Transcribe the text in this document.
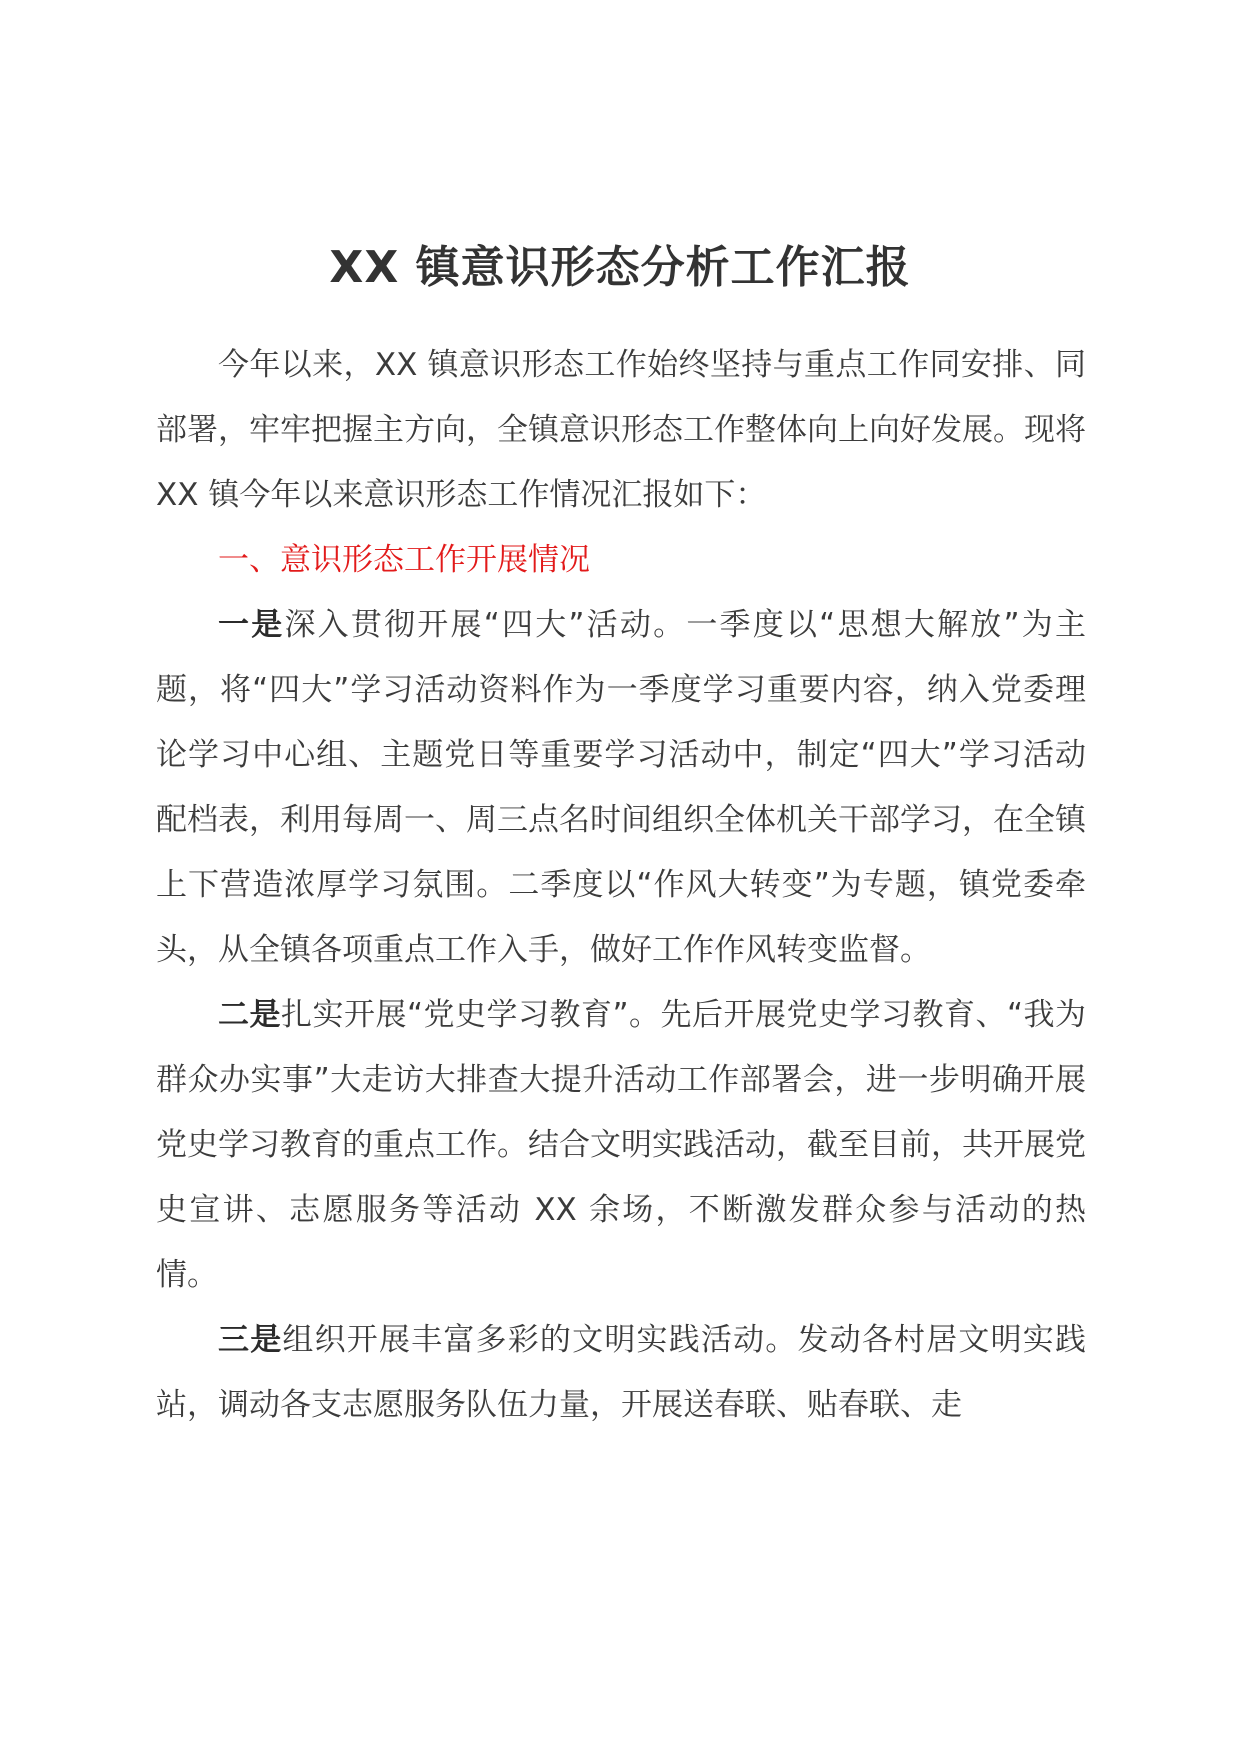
XX 镇意识形态分析工作汇报

今年以来，XX 镇意识形态工作始终坚持与重点工作同安排、同部署，牢牢把握主方向，全镇意识形态工作整体向上向好发展。现将 XX 镇今年以来意识形态工作情况汇报如下：

一、意识形态工作开展情况

一是深入贯彻开展“四大”活动。一季度以“思想大解放”为主题，将“四大”学习活动资料作为一季度学习重要内容，纳入党委理论学习中心组、主题党日等重要学习活动中，制定“四大”学习活动配档表，利用每周一、周三点名时间组织全体机关干部学习，在全镇上下营造浓厚学习氛围。二季度以“作风大转变”为专题，镇党委牵头，从全镇各项重点工作入手，做好工作作风转变监督。

二是扎实开展“党史学习教育”。先后开展党史学习教育、“我为群众办实事”大走访大排查大提升活动工作部署会，进一步明确开展党史学习教育的重点工作。结合文明实践活动，截至目前，共开展党史宣讲、志愿服务等活动 XX 余场，不断激发群众参与活动的热情。

三是组织开展丰富多彩的文明实践活动。发动各村居文明实践站，调动各支志愿服务队伍力量，开展送春联、贴春联、走
